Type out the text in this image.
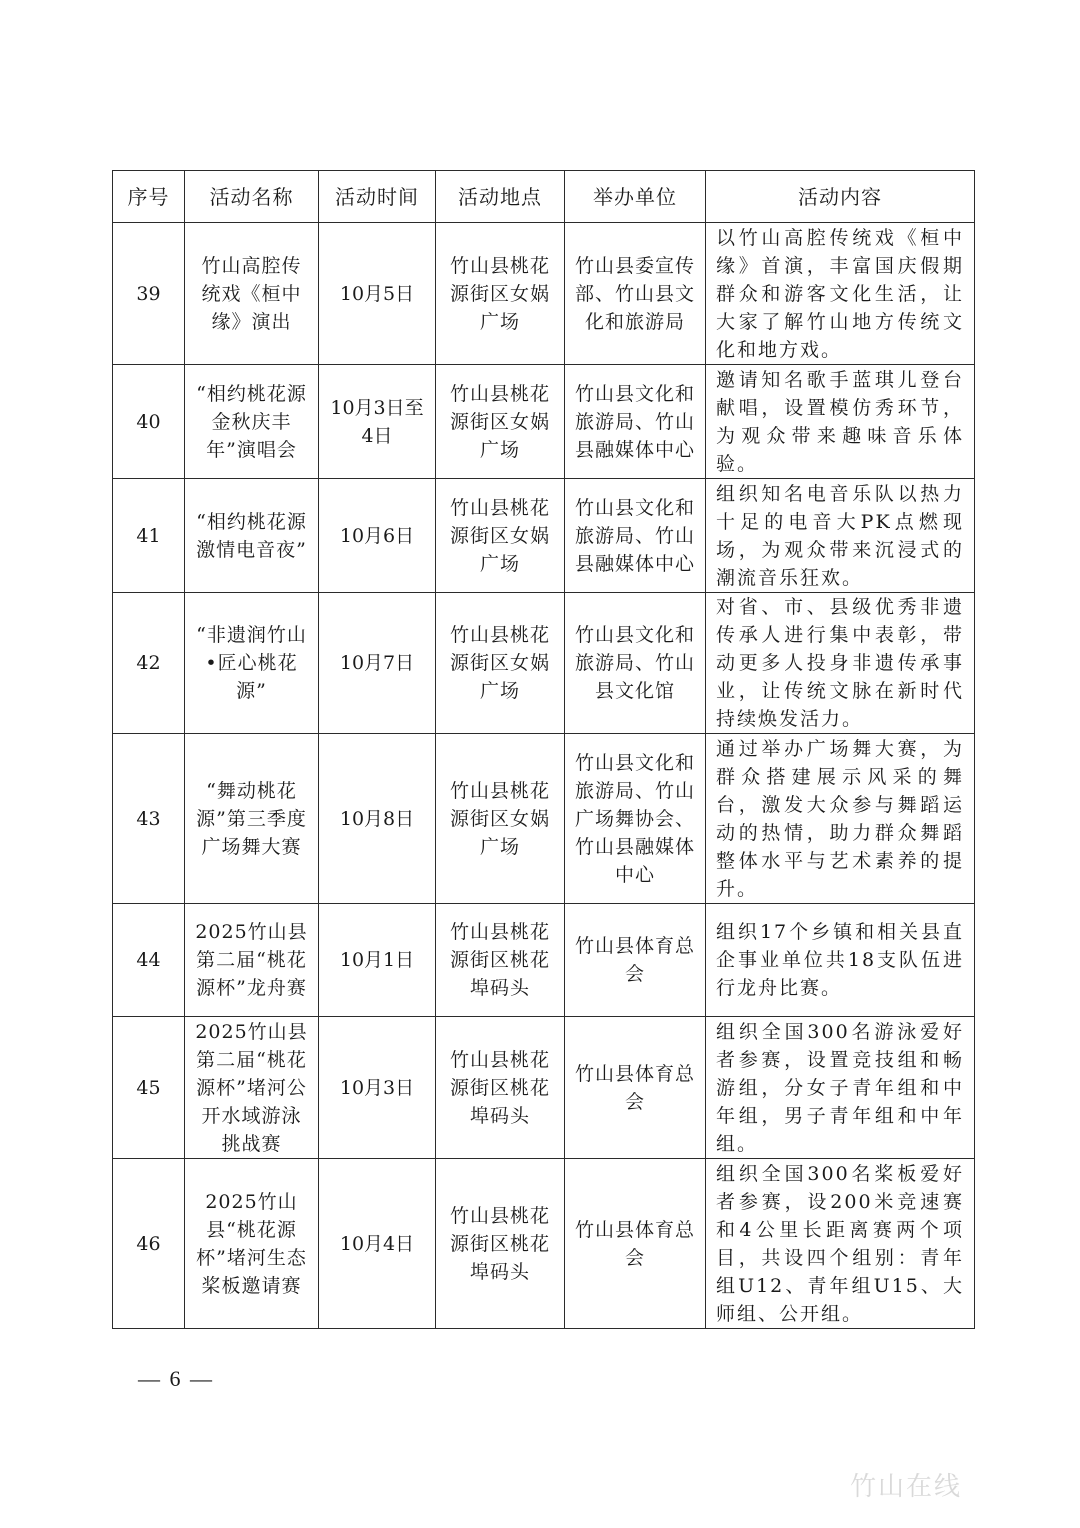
序号	活动名称	活动时间	活动地点	举办单位	活动内容
39	竹山高腔传统戏《桓中缘》演出	10月5日	竹山县桃花源街区女娲广场	竹山县委宣传部、竹山县文化和旅游局	以竹山高腔传统戏《桓中缘》首演，丰富国庆假期群众和游客文化生活，让大家了解竹山地方传统文化和地方戏。
40	“相约桃花源金秋庆丰年”演唱会	10月3日至4日	竹山县桃花源街区女娲广场	竹山县文化和旅游局、竹山县融媒体中心	邀请知名歌手蓝琪儿登台献唱，设置模仿秀环节，为观众带来趣味音乐体验。
41	“相约桃花源 激情电音夜”	10月6日	竹山县桃花源街区女娲广场	竹山县文化和旅游局、竹山县融媒体中心	组织知名电音乐队以热力十足的电音大PK点燃现场，为观众带来沉浸式的潮流音乐狂欢。
42	“非遗润竹山•匠心桃花源”	10月7日	竹山县桃花源街区女娲广场	竹山县文化和旅游局、竹山县文化馆	对省、市、县级优秀非遗传承人进行集中表彰，带动更多人投身非遗传承事业，让传统文脉在新时代持续焕发活力。
43	“舞动桃花源”第三季度广场舞大赛	10月8日	竹山县桃花源街区女娲广场	竹山县文化和旅游局、竹山广场舞协会、竹山县融媒体中心	通过举办广场舞大赛，为群众搭建展示风采的舞台，激发大众参与舞蹈运动的热情，助力群众舞蹈整体水平与艺术素养的提升。
44	2025竹山县第二届“桃花源杯”龙舟赛	10月1日	竹山县桃花源街区桃花埠码头	竹山县体育总会	组织17个乡镇和相关县直企事业单位共18支队伍进行龙舟比赛。
45	2025竹山县第二届“桃花源杯”堵河公开水域游泳挑战赛	10月3日	竹山县桃花源街区桃花埠码头	竹山县体育总会	组织全国300名游泳爱好者参赛，设置竞技组和畅游组，分女子青年组和中年组，男子青年组和中年组。
46	2025竹山县“桃花源杯”堵河生态桨板邀请赛	10月4日	竹山县桃花源街区桃花埠码头	竹山县体育总会	组织全国300名桨板爱好者参赛，设200米竞速赛和4公里长距离赛两个项目，共设四个组别：青年组U12、青年组U15、大师组、公开组。
— 6 —
竹山在线
